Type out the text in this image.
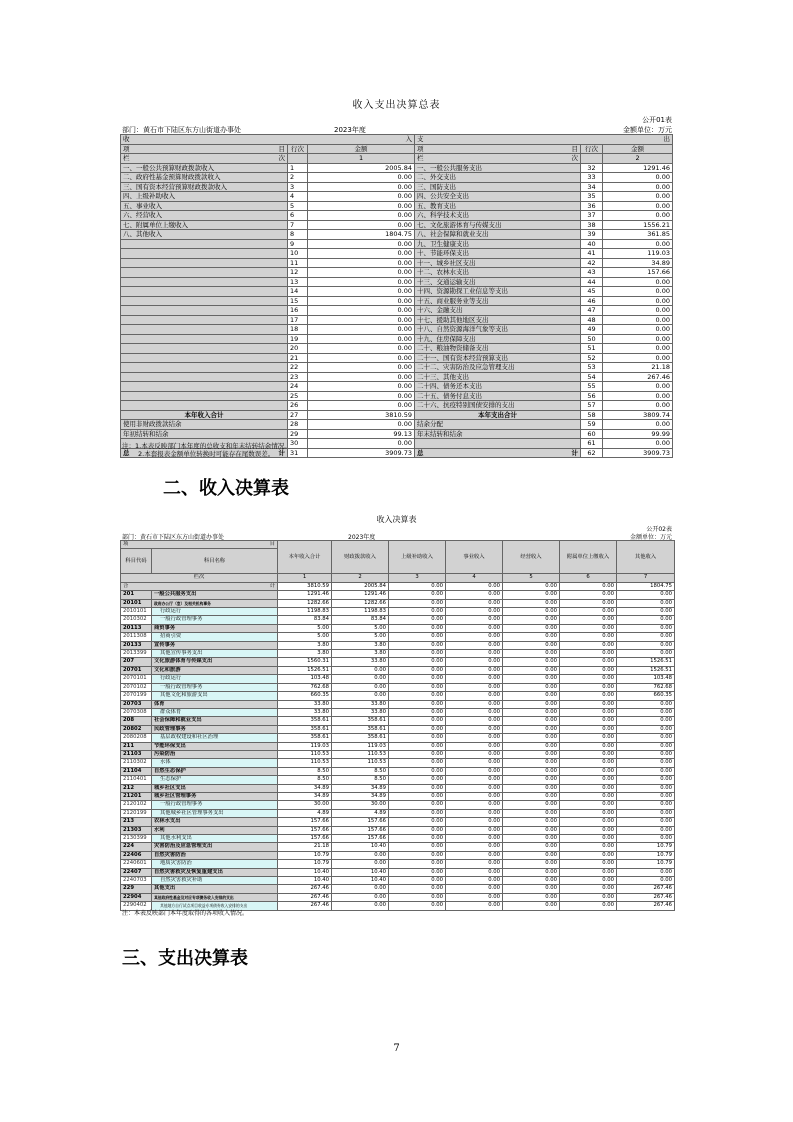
收入支出决算总表
公开01表
部门：黄石市下陆区东方山街道办事处	2023年度	金额单位：万元
收 入			支 出		

项 目	行次	金额	项 目	行次	金额
栏 次		1	栏 次		2
一、一般公共预算财政拨款收入	1	2005.84	一、一般公共服务支出	32	1291.46
二、政府性基金预算财政拨款收入	2	0.00	二、外交支出	33	0.00
三、国有资本经营预算财政拨款收入	3	0.00	三、国防支出	34	0.00
四、上级补助收入	4	0.00	四、公共安全支出	35	0.00
五、事业收入	5	0.00	五、教育支出	36	0.00
六、经营收入	6	0.00	六、科学技术支出	37	0.00
七、附属单位上缴收入	7	0.00	七、文化旅游体育与传媒支出	38	1556.21
八、其他收入	8	1804.75	八、社会保障和就业支出	39	361.85
	9	0.00	九、卫生健康支出	40	0.00
	10	0.00	十、节能环保支出	41	119.03
	11	0.00	十一、城乡社区支出	42	34.89
	12	0.00	十二、农林水支出	43	157.66
	13	0.00	十三、交通运输支出	44	0.00
	14	0.00	十四、资源勘探工业信息等支出	45	0.00
	15	0.00	十五、商业服务业等支出	46	0.00
	16	0.00	十六、金融支出	47	0.00
	17	0.00	十七、援助其他地区支出	48	0.00
	18	0.00	十八、自然资源海洋气象等支出	49	0.00
	19	0.00	十九、住房保障支出	50	0.00
	20	0.00	二十、粮油物资储备支出	51	0.00
	21	0.00	二十一、国有资本经营预算支出	52	0.00
	22	0.00	二十二、灾害防治及应急管理支出	53	21.18
	23	0.00	二十三、其他支出	54	267.46
	24	0.00	二十四、债务还本支出	55	0.00
	25	0.00	二十五、债务付息支出	56	0.00
	26	0.00	二十六、抗疫特别国债安排的支出	57	0.00
本年收入合计	27	3810.59	本年支出合计	58	3809.74
使用非财政拨款结余	28	0.00	结余分配	59	0.00
年初结转和结余	29	99.13	年末结转和结余	60	99.99
	30	0.00		61	0.00
总 计	31	3909.73	总 计	62	3909.73
注：1.本表反映部门本年度的总收支和年末结转结余情况。
2.本套报表金额单位转换时可能存在尾数误差。
二、收入决算表
收入决算表
公开02表
部门：黄石市下陆区东方山街道办事处	2023年度	金额单位：万元
项 目		本年收入合计	财政拨款收入	上级补助收入	事业收入	经营收入	附属单位上缴收入	其他收入
科目代码	科目名称							
栏次		1	2	3	4	5	6	7
合 计		3810.59	2005.84	0.00	0.00	0.00	0.00	1804.75
201	一般公共服务支出	1291.46	1291.46	0.00	0.00	0.00	0.00	0.00
20101	政府办公厅（室）及相关机构事务	1282.66	1282.66	0.00	0.00	0.00	0.00	0.00
2010101	行政运行	1198.83	1198.83	0.00	0.00	0.00	0.00	0.00
2010302	一般行政管理事务	83.84	83.84	0.00	0.00	0.00	0.00	0.00
20113	商贸事务	5.00	5.00	0.00	0.00	0.00	0.00	0.00
2011308	招商引资	5.00	5.00	0.00	0.00	0.00	0.00	0.00
20133	宣传事务	3.80	3.80	0.00	0.00	0.00	0.00	0.00
2013399	其他宣传事务支出	3.80	3.80	0.00	0.00	0.00	0.00	0.00
207	文化旅游体育与传媒支出	1560.31	33.80	0.00	0.00	0.00	0.00	1526.51
20701	文化和旅游	1526.51	0.00	0.00	0.00	0.00	0.00	1526.51
2070101	行政运行	103.48	0.00	0.00	0.00	0.00	0.00	103.48
2070102	一般行政管理事务	762.68	0.00	0.00	0.00	0.00	0.00	762.68
2070199	其他文化和旅游支出	660.35	0.00	0.00	0.00	0.00	0.00	660.35
20703	体育	33.80	33.80	0.00	0.00	0.00	0.00	0.00
2070308	群众体育	33.80	33.80	0.00	0.00	0.00	0.00	0.00
208	社会保障和就业支出	358.61	358.61	0.00	0.00	0.00	0.00	0.00
20802	民政管理事务	358.61	358.61	0.00	0.00	0.00	0.00	0.00
2080208	基层政权建设和社区治理	358.61	358.61	0.00	0.00	0.00	0.00	0.00
211	节能环保支出	119.03	119.03	0.00	0.00	0.00	0.00	0.00
21103	污染防治	110.53	110.53	0.00	0.00	0.00	0.00	0.00
2110302	水体	110.53	110.53	0.00	0.00	0.00	0.00	0.00
21104	自然生态保护	8.50	8.50	0.00	0.00	0.00	0.00	0.00
2110401	生态保护	8.50	8.50	0.00	0.00	0.00	0.00	0.00
212	城乡社区支出	34.89	34.89	0.00	0.00	0.00	0.00	0.00
21201	城乡社区管理事务	34.89	34.89	0.00	0.00	0.00	0.00	0.00
2120102	一般行政管理事务	30.00	30.00	0.00	0.00	0.00	0.00	0.00
2120199	其他城乡社区管理事务支出	4.89	4.89	0.00	0.00	0.00	0.00	0.00
213	农林水支出	157.66	157.66	0.00	0.00	0.00	0.00	0.00
21303	水利	157.66	157.66	0.00	0.00	0.00	0.00	0.00
2130399	其他水利支出	157.66	157.66	0.00	0.00	0.00	0.00	0.00
224	灾害防治及应急管理支出	21.18	10.40	0.00	0.00	0.00	0.00	10.79
22406	自然灾害防治	10.79	0.00	0.00	0.00	0.00	0.00	10.79
2240601	地质灾害防治	10.79	0.00	0.00	0.00	0.00	0.00	10.79
22407	自然灾害救灾及恢复重建支出	10.40	10.40	0.00	0.00	0.00	0.00	0.00
2240703	自然灾害救灾补助	10.40	10.40	0.00	0.00	0.00	0.00	0.00
229	其他支出	267.46	0.00	0.00	0.00	0.00	0.00	267.46
22904	其他政府性基金及对应专项债务收入安排的支出	267.46	0.00	0.00	0.00	0.00	0.00	267.46
2290402	其他地方自行试点项目收益专项债券收入安排的支出	267.46	0.00	0.00	0.00	0.00	0.00	267.46
注：本表反映部门本年度取得的各项收入情况。
三、支出决算表
7
